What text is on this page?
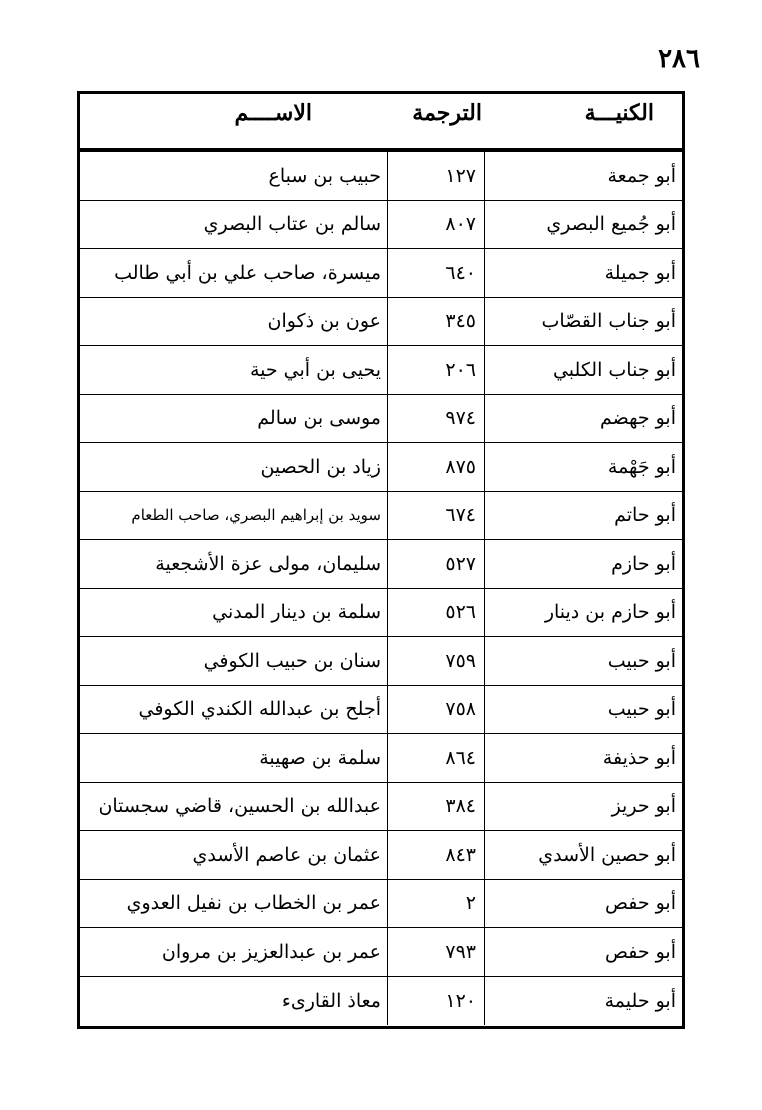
٢٨٦
الكنيـــة
الترجمة
الاســــم
أبو جمعة
١٢٧
حبيب بن سباع
أبو جُميع البصري
٨٠٧
سالم بن عتاب البصري
أبو جميلة
٦٤٠
ميسرة، صاحب علي بن أبي طالب
أبو جناب القصّاب
٣٤٥
عون بن ذكوان
أبو جناب الكلبي
٢٠٦
يحيى بن أبي حية
أبو جهضم
٩٧٤
موسى بن سالم
أبو جَهْمة
٨٧٥
زياد بن الحصين
أبو حاتم
٦٧٤
سويد بن إبراهيم البصري، صاحب الطعام
أبو حازم
٥٢٧
سليمان، مولى عزة الأشجعية
أبو حازم بن دينار
٥٢٦
سلمة بن دينار المدني
أبو حبيب
٧٥٩
سنان بن حبيب الكوفي
أبو حبيب
٧٥٨
أجلح بن عبدالله الكندي الكوفي
أبو حذيفة
٨٦٤
سلمة بن صهيبة
أبو حريز
٣٨٤
عبدالله بن الحسين، قاضي سجستان
أبو حصين الأسدي
٨٤٣
عثمان بن عاصم الأسدي
أبو حفص
٢
عمر بن الخطاب بن نفيل العدوي
أبو حفص
٧٩٣
عمر بن عبدالعزيز بن مروان
أبو حليمة
١٢٠
معاذ القارىء
